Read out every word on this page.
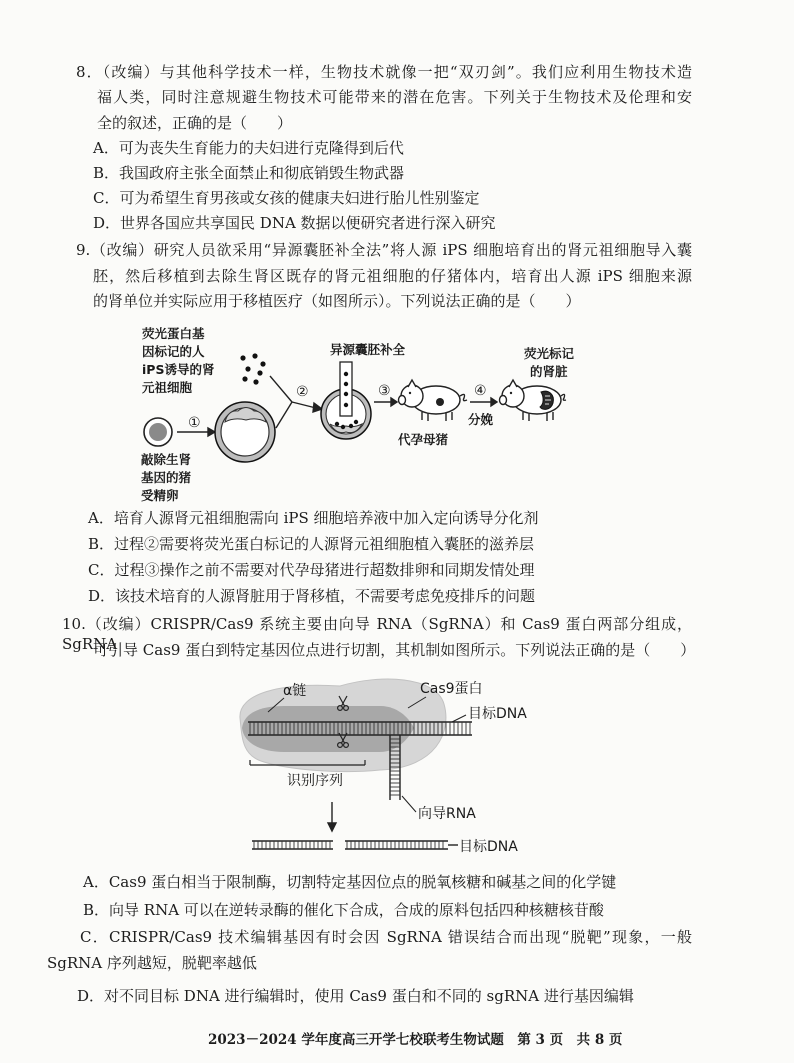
8．（改编）与其他科学技术一样，生物技术就像一把“双刃剑”。我们应利用生物技术造
福人类，同时注意规避生物技术可能带来的潜在危害。下列关于生物技术及伦理和安
全的叙述，正确的是（　　）
A．可为丧失生育能力的夫妇进行克隆得到后代
B．我国政府主张全面禁止和彻底销毁生物武器
C．可为希望生育男孩或女孩的健康夫妇进行胎儿性别鉴定
D．世界各国应共享国民 DNA 数据以便研究者进行深入研究
9.（改编）研究人员欲采用“异源囊胚补全法”将人源 iPS 细胞培育出的肾元祖细胞导入囊
胚，然后移植到去除生肾区既存的肾元祖细胞的仔猪体内，培育出人源 iPS 细胞来源
的肾单位并实际应用于移植医疗（如图所示）。下列说法正确的是（　　）
荧光蛋白基
因标记的人
iPS诱导的肾
元祖细胞
①
②
异源囊胚补全
③
代孕母猪
④
分娩
荧光标记
的肾脏
敲除生肾
基因的猪
受精卵
A．培育人源肾元祖细胞需向 iPS 细胞培养液中加入定向诱导分化剂
B．过程②需要将荧光蛋白标记的人源肾元祖细胞植入囊胚的滋养层
C．过程③操作之前不需要对代孕母猪进行超数排卵和同期发情处理
D．该技术培育的人源肾脏用于肾移植，不需要考虑免疫排斥的问题
10.（改编）CRISPR/Cas9 系统主要由向导 RNA（SgRNA）和 Cas9 蛋白两部分组成，SgRNA
可引导 Cas9 蛋白到特定基因位点进行切割，其机制如图所示。下列说法正确的是（　　）
α链	Cas9蛋白
目标DNA
识别序列
向导RNA
目标DNA
A．Cas9 蛋白相当于限制酶，切割特定基因位点的脱氧核糖和碱基之间的化学键
B．向导 RNA 可以在逆转录酶的催化下合成，合成的原料包括四种核糖核苷酸
C．CRISPR/Cas9 技术编辑基因有时会因 SgRNA 错误结合而出现“脱靶”现象，一般
SgRNA 序列越短，脱靶率越低
D．对不同目标 DNA 进行编辑时，使用 Cas9 蛋白和不同的 sgRNA 进行基因编辑
2023－2024 学年度高三开学七校联考生物试题　第 3 页　共 8 页
